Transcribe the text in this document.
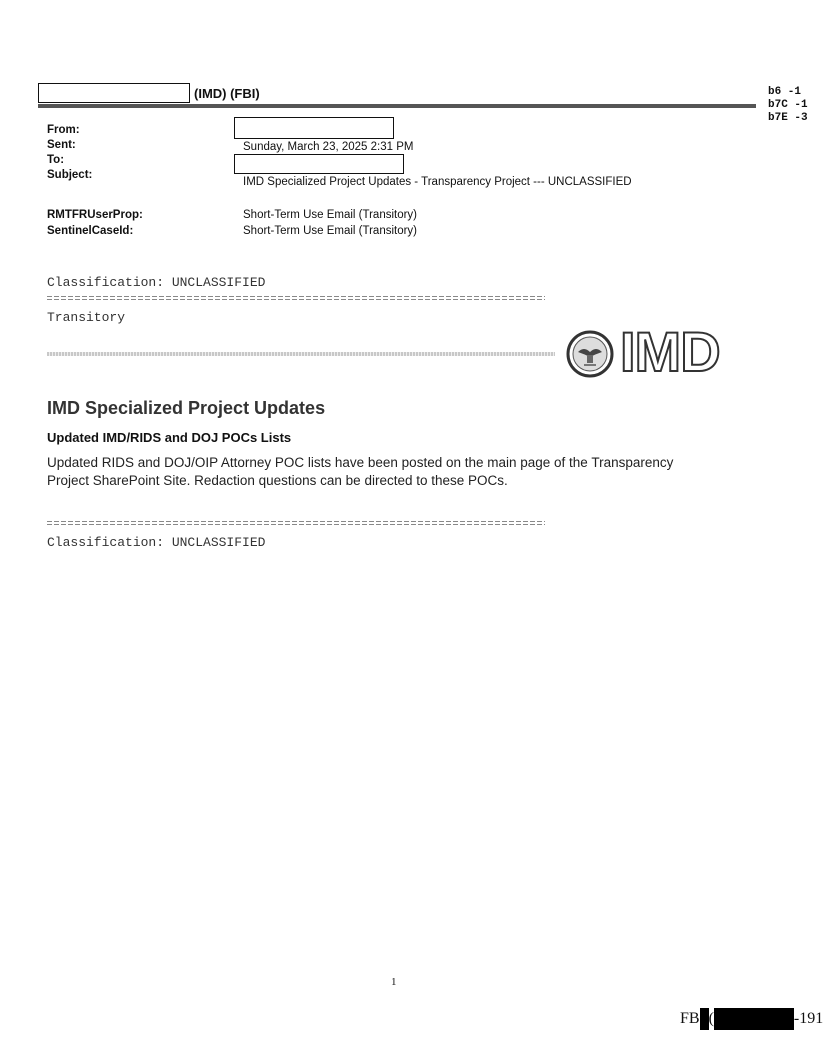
(IMD) (FBI)	b6 -1
b7C -1
b7E -3
From:
Sent:	Sunday, March 23, 2025 2:31 PM
To:
Subject:
IMD Specialized Project Updates - Transparency Project --- UNCLASSIFIED
RMTFRUserProp:	Short-Term Use Email (Transitory)
SentinelCaseId:	Short-Term Use Email (Transitory)
Classification: UNCLASSIFIED
Transitory
IMD
IMD Specialized Project Updates
Updated IMD/RIDS and DOJ POCs Lists
Updated RIDS and DOJ/OIP Attorney POC lists have been posted on the main page of the Transparency Project SharePoint Site. Redaction questions can be directed to these POCs.
Classification: UNCLASSIFIED
1
FB (	-191
